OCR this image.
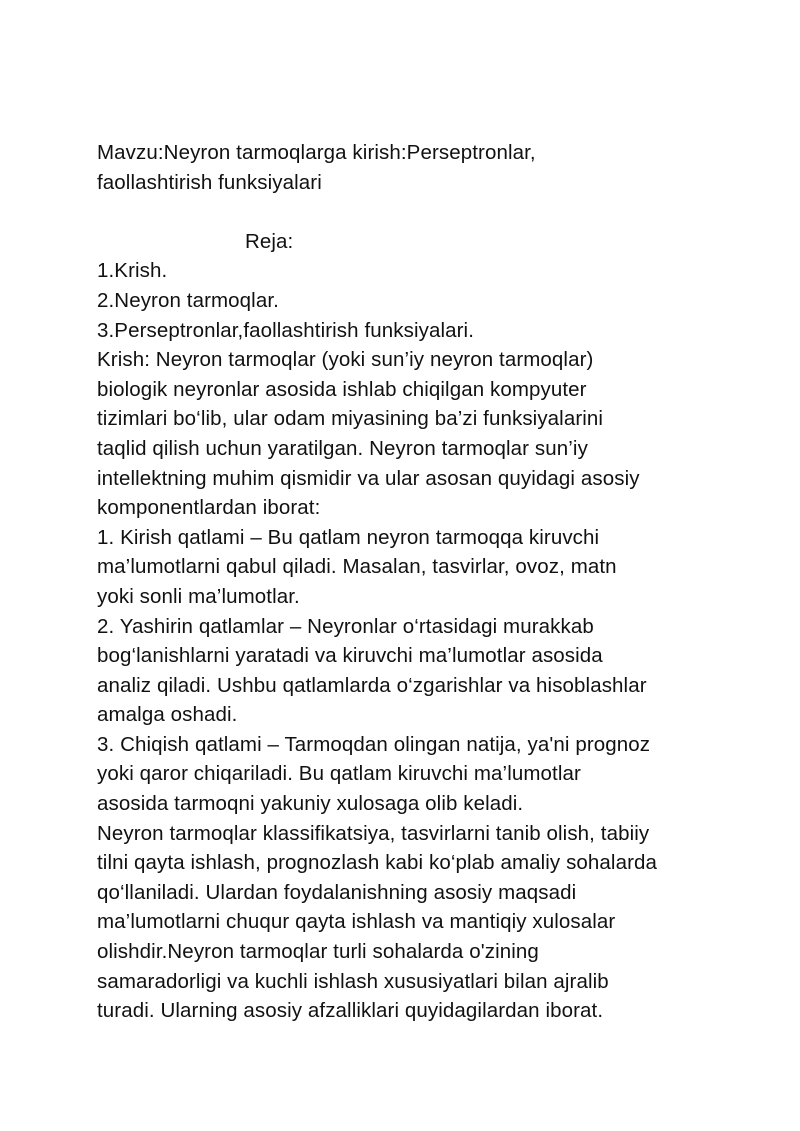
Mavzu:Neyron tarmoqlarga kirish:Perseptronlar,
faollashtirish funksiyalari
Reja:
1.Krish.
2.Neyron tarmoqlar.
3.Perseptronlar,faollashtirish funksiyalari.
Krish: Neyron tarmoqlar (yoki sun’iy neyron tarmoqlar)
biologik neyronlar asosida ishlab chiqilgan kompyuter
tizimlari bo‘lib, ular odam miyasining ba’zi funksiyalarini
taqlid qilish uchun yaratilgan. Neyron tarmoqlar sun’iy
intellektning muhim qismidir va ular asosan quyidagi asosiy
komponentlardan iborat:
1. Kirish qatlami – Bu qatlam neyron tarmoqqa kiruvchi
ma’lumotlarni qabul qiladi. Masalan, tasvirlar, ovoz, matn
yoki sonli ma’lumotlar.
2. Yashirin qatlamlar – Neyronlar o‘rtasidagi murakkab
bog‘lanishlarni yaratadi va kiruvchi ma’lumotlar asosida
analiz qiladi. Ushbu qatlamlarda o‘zgarishlar va hisoblashlar
amalga oshadi.
3. Chiqish qatlami – Tarmoqdan olingan natija, ya'ni prognoz
yoki qaror chiqariladi. Bu qatlam kiruvchi ma’lumotlar
asosida tarmoqni yakuniy xulosaga olib keladi.
Neyron tarmoqlar klassifikatsiya, tasvirlarni tanib olish, tabiiy
tilni qayta ishlash, prognozlash kabi ko‘plab amaliy sohalarda
qo‘llaniladi. Ulardan foydalanishning asosiy maqsadi
ma’lumotlarni chuqur qayta ishlash va mantiqiy xulosalar
olishdir.Neyron tarmoqlar turli sohalarda o'zining
samaradorligi va kuchli ishlash xususiyatlari bilan ajralib
turadi. Ularning asosiy afzalliklari quyidagilardan iborat.
